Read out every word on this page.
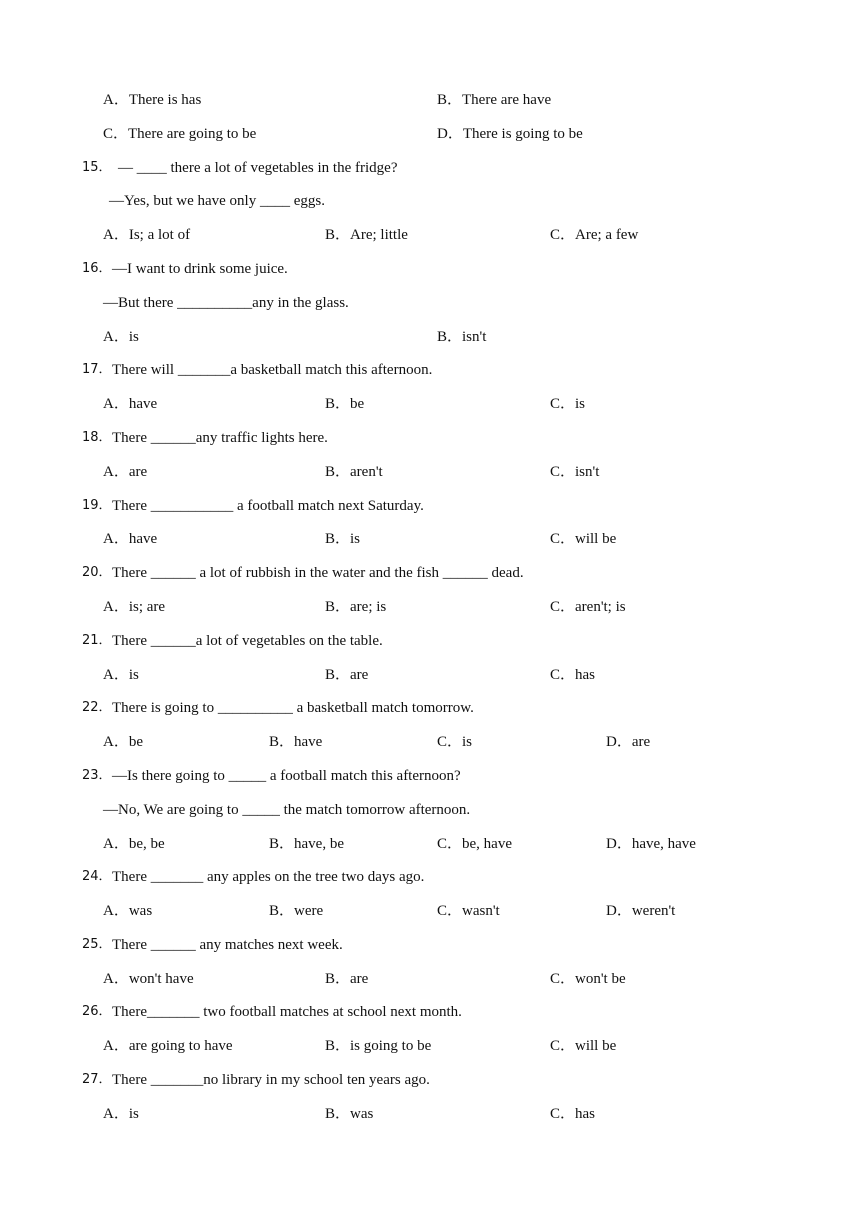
A．There is has	B．There are have
C．There are going to be	D．There is going to be
15． — ____ there a lot of vegetables in the fridge?
—Yes, but we have only ____ eggs.
A．Is; a lot of	B．Are; little	C．Are; a few
16． —I want to drink some juice.
—But there __________any in the glass.
A．is	B．isn't
17． There will _______a basketball match this afternoon.
A．have	B．be	C．is
18． There ______any traffic lights here.
A．are	B．aren't	C．isn't
19． There ___________ a football match next Saturday.
A．have	B．is	C．will be
20． There ______ a lot of rubbish in the water and the fish ______ dead.
A．is; are	B．are; is	C．aren't; is
21． There ______a lot of vegetables on the table.
A．is	B．are	C．has
22． There is going to __________ a basketball match tomorrow.
A．be	B．have	C．is	D．are
23． —Is there going to _____ a football match this afternoon?
—No, We are going to _____ the match tomorrow afternoon.
A．be, be	B．have, be	C．be, have	D．have, have
24． There _______ any apples on the tree two days ago.
A．was	B．were	C．wasn't	D．weren't
25． There ______ any matches next week.
A．won't have	B．are	C．won't be
26． There_______ two football matches at school next month.
A．are going to have	B．is going to be	C．will be
27． There _______no library in my school ten years ago.
A．is	B．was	C．has
